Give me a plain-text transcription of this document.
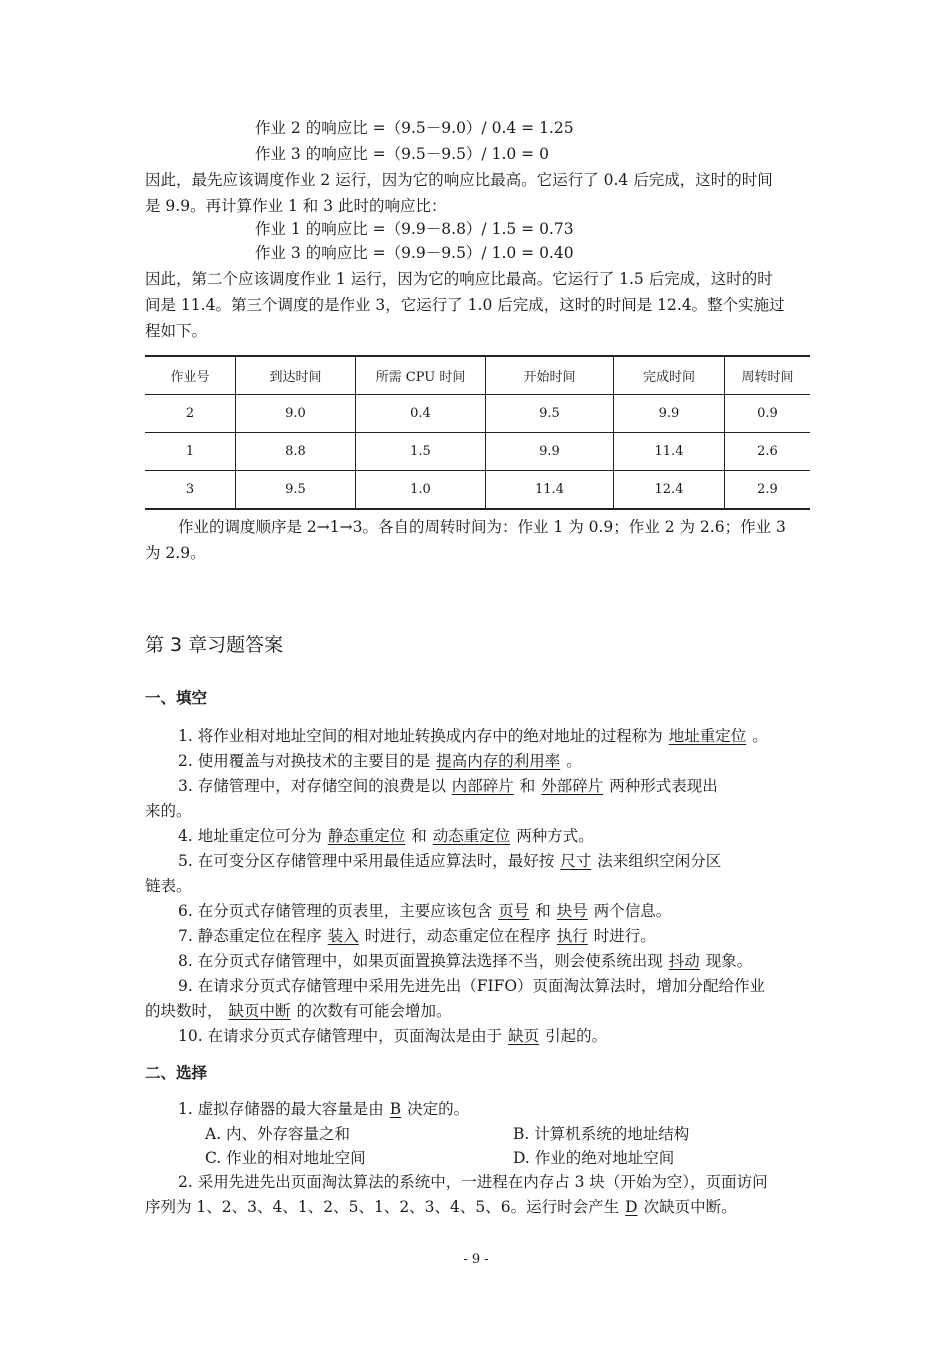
作业 2 的响应比 =（9.5－9.0）/ 0.4 = 1.25
作业 3 的响应比 =（9.5－9.5）/ 1.0 = 0
因此，最先应该调度作业 2 运行，因为它的响应比最高。它运行了 0.4 后完成，这时的时间
是 9.9。再计算作业 1 和 3 此时的响应比：
作业 1 的响应比 =（9.9－8.8）/ 1.5 = 0.73
作业 3 的响应比 =（9.9－9.5）/ 1.0 = 0.40
因此，第二个应该调度作业 1 运行，因为它的响应比最高。它运行了 1.5 后完成，这时的时
间是 11.4。第三个调度的是作业 3，它运行了 1.0 后完成，这时的时间是 12.4。整个实施过
程如下。
作业号	到达时间	所需 CPU 时间	开始时间	完成时间	周转时间
2	9.0	0.4	9.5	9.9	0.9
1	8.8	1.5	9.9	11.4	2.6
3	9.5	1.0	11.4	12.4	2.9
作业的调度顺序是 2→1→3。各自的周转时间为：作业 1 为 0.9；作业 2 为 2.6；作业 3
为 2.9。
第 3 章习题答案
一、填空
1. 将作业相对地址空间的相对地址转换成内存中的绝对地址的过程称为 地址重定位 。
2. 使用覆盖与对换技术的主要目的是 提高内存的利用率 。
3. 存储管理中，对存储空间的浪费是以 内部碎片 和 外部碎片 两种形式表现出
来的。
4. 地址重定位可分为 静态重定位 和 动态重定位 两种方式。
5. 在可变分区存储管理中采用最佳适应算法时，最好按 尺寸 法来组织空闲分区
链表。
6. 在分页式存储管理的页表里，主要应该包含 页号 和 块号 两个信息。
7. 静态重定位在程序 装入 时进行，动态重定位在程序 执行 时进行。
8. 在分页式存储管理中，如果页面置换算法选择不当，则会使系统出现 抖动 现象。
9. 在请求分页式存储管理中采用先进先出（FIFO）页面淘汰算法时，增加分配给作业
的块数时， 缺页中断 的次数有可能会增加。
10. 在请求分页式存储管理中，页面淘汰是由于 缺页 引起的。
二、选择
1. 虚拟存储器的最大容量是由 B 决定的。
A. 内、外存容量之和	B. 计算机系统的地址结构
C. 作业的相对地址空间	D. 作业的绝对地址空间
2. 采用先进先出页面淘汰算法的系统中，一进程在内存占 3 块（开始为空），页面访问
序列为 1、2、3、4、1、2、5、1、2、3、4、5、6。运行时会产生 D 次缺页中断。
- 9 -
